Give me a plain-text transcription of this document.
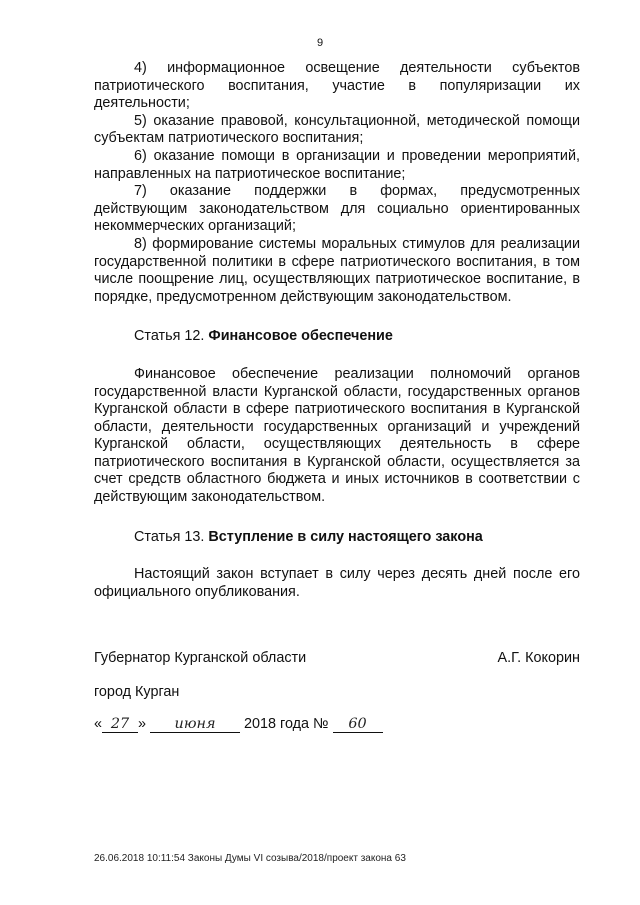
9

4) информационное освещение деятельности субъектов патриотического воспитания, участие в популяризации их деятельности;

5) оказание правовой, консультационной, методической помощи субъектам патриотического воспитания;

6) оказание помощи в организации и проведении мероприятий, направленных на патриотическое воспитание;

7) оказание поддержки в формах, предусмотренных действующим законодательством для социально ориентированных некоммерческих организаций;

8) формирование системы моральных стимулов для реализации государственной политики в сфере патриотического воспитания, в том числе поощрение лиц, осуществляющих патриотическое воспитание, в порядке, предусмотренном действующим законодательством.

Статья 12. Финансовое обеспечение

Финансовое обеспечение реализации полномочий органов государственной власти Курганской области, государственных органов Курганской области в сфере патриотического воспитания в Курганской области, деятельности государственных организаций и учреждений Курганской области, осуществляющих деятельность в сфере патриотического воспитания в Курганской области, осуществляется за счет средств областного бюджета и иных источников в соответствии с действующим законодательством.

Статья 13. Вступление в силу настоящего закона

Настоящий закон вступает в силу через десять дней после его официального опубликования.

Губернатор Курганской области	А.Г. Кокорин
город Курган
« 27 » июня 2018 года № 60
26.06.2018 10:11:54 Законы Думы VI созыва/2018/проект закона 63
